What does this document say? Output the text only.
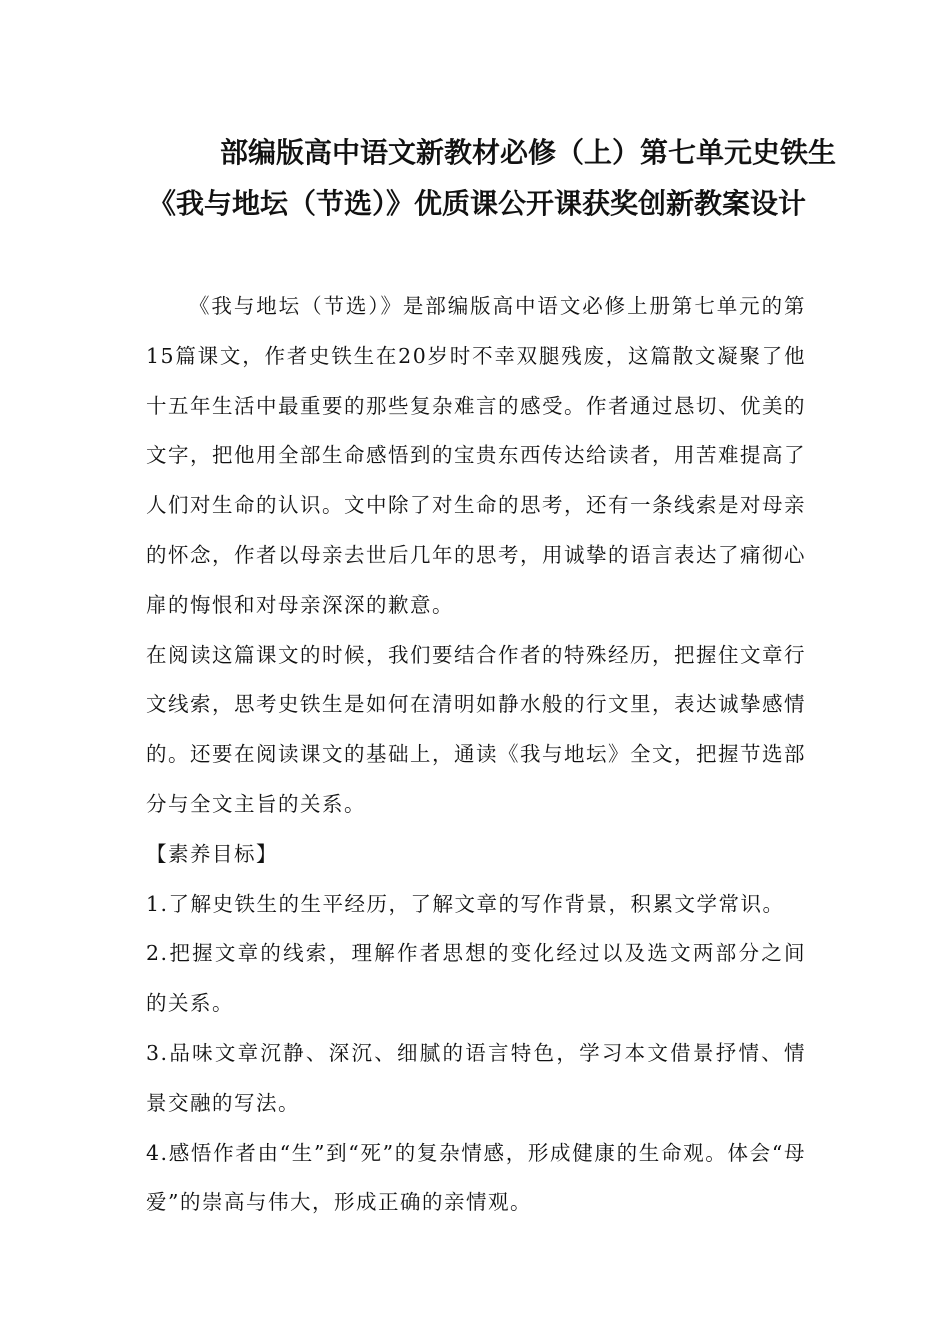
部编版高中语文新教材必修（上）第七单元史铁生
《我与地坛（节选）》优质课公开课获奖创新教案设计

《我与地坛（节选）》是部编版高中语文必修上册第七单元的第15篇课文，作者史铁生在20岁时不幸双腿残废，这篇散文凝聚了他十五年生活中最重要的那些复杂难言的感受。作者通过恳切、优美的文字，把他用全部生命感悟到的宝贵东西传达给读者，用苦难提高了人们对生命的认识。文中除了对生命的思考，还有一条线索是对母亲的怀念，作者以母亲去世后几年的思考，用诚挚的语言表达了痛彻心扉的悔恨和对母亲深深的歉意。

在阅读这篇课文的时候，我们要结合作者的特殊经历，把握住文章行文线索，思考史铁生是如何在清明如静水般的行文里，表达诚挚感情的。还要在阅读课文的基础上，通读《我与地坛》全文，把握节选部分与全文主旨的关系。

【素养目标】

1.了解史铁生的生平经历，了解文章的写作背景，积累文学常识。

2.把握文章的线索，理解作者思想的变化经过以及选文两部分之间的关系。

3.品味文章沉静、深沉、细腻的语言特色，学习本文借景抒情、情景交融的写法。

4.感悟作者由“生”到“死”的复杂情感，形成健康的生命观。体会“母爱”的崇高与伟大，形成正确的亲情观。
